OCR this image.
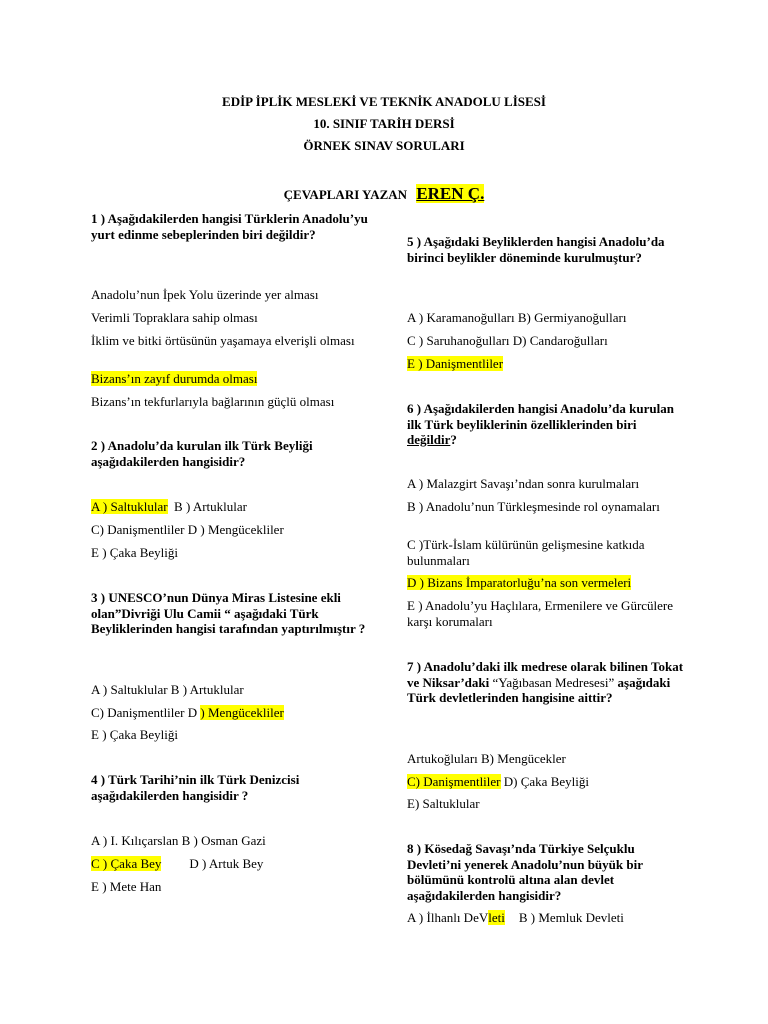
EDİP İPLİK MESLEKİ VE TEKNİK ANADOLU LİSESİ
10. SINIF TARİH DERSİ
ÖRNEK SINAV SORULARI
ÇEVAPLARI YAZAN EREN Ç.
1 ) Aşağıdakilerden hangisi Türklerin Anadolu’yu yurt edinme sebeplerinden biri değildir?
Anadolu’nun İpek Yolu üzerinde yer alması
Verimli Topraklara sahip olması
İklim ve bitki örtüsünün yaşamaya elverişli olması
Bizans’ın zayıf durumda olması
Bizans’ın tekfurlarıyla bağlarının güçlü olması
2 ) Anadolu’da kurulan ilk Türk Beyliği aşağıdakilerden hangisidir?
A ) Saltuklular B ) Artuklular
C) Danişmentliler D ) Mengücekliler
E ) Çaka Beyliği
3 ) UNESCO’nun Dünya Miras Listesine ekli olan”Divriği Ulu Camii “ aşağıdaki Türk Beyliklerinden hangisi tarafından yaptırılmıştır ?
A ) Saltuklular B ) Artuklular
C) Danişmentliler D ) Mengücekliler
E ) Çaka Beyliği
4 ) Türk Tarihi’nin ilk Türk Denizcisi aşağıdakilerden hangisidir ?
A ) I. Kılıçarslan B ) Osman Gazi
C ) Çaka Bey D ) Artuk Bey
E ) Mete Han
5 ) Aşağıdaki Beyliklerden hangisi Anadolu’da birinci beylikler döneminde kurulmuştur?
A ) Karamanoğulları B) Germiyanoğulları
C ) Saruhanoğulları D) Candaroğulları
E ) Danişmentliler
6 ) Aşağıdakilerden hangisi Anadolu’da kurulan ilk Türk beyliklerinin özelliklerinden biri değildir?
A ) Malazgirt Savaşı’ndan sonra kurulmaları
B ) Anadolu’nun Türkleşmesinde rol oynamaları
C )Türk-İslam külürünün gelişmesine katkıda bulunmaları
D ) Bizans İmparatorluğu’na son vermeleri
E ) Anadolu’yu Haçlılara, Ermenilere ve Gürcülere karşı korumaları
7 ) Anadolu’daki ilk medrese olarak bilinen Tokat ve Niksar’daki “Yağıbasan Medresesi” aşağıdaki Türk devletlerinden hangisine aittir?
Artukoğluları B) Mengücekler
C) Danişmentliler D) Çaka Beyliği
E) Saltuklular
8 ) Kösedağ Savaşı’nda Türkiye Selçuklu Devleti’ni yenerek Anadolu’nun büyük bir bölümünü kontrolü altına alan devlet aşağıdakilerden hangisidir?
A ) İlhanlı DeVleti B ) Memluk Devleti
